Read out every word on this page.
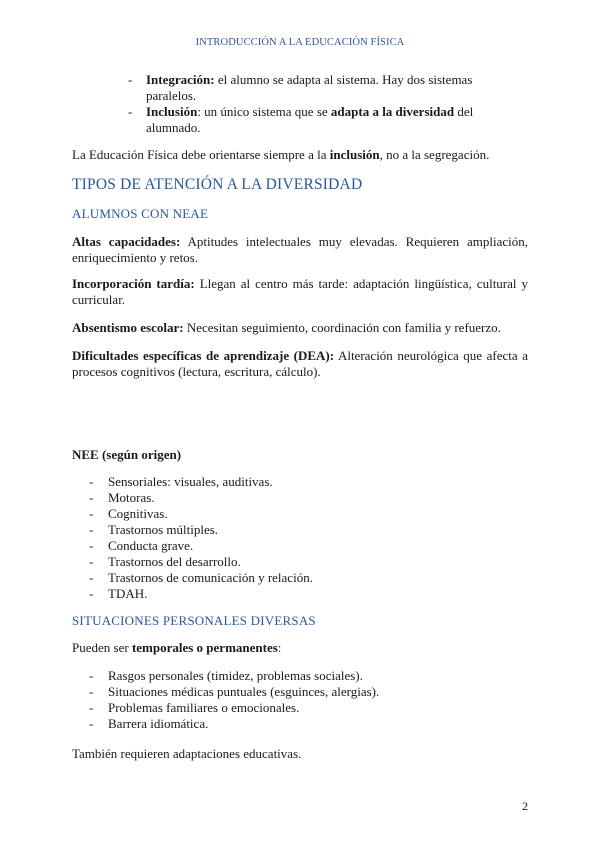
INTRODUCCIÓN A LA EDUCACIÓN FÍSICA
-	Integración: el alumno se adapta al sistema. Hay dos sistemas paralelos.
-	Inclusión: un único sistema que se adapta a la diversidad del alumnado.
La Educación Física debe orientarse siempre a la inclusión, no a la segregación.
TIPOS DE ATENCIÓN A LA DIVERSIDAD
ALUMNOS CON NEAE
Altas capacidades: Aptitudes intelectuales muy elevadas. Requieren ampliación, enriquecimiento y retos.
Incorporación tardía: Llegan al centro más tarde: adaptación lingüística, cultural y curricular.
Absentismo escolar: Necesitan seguimiento, coordinación con familia y refuerzo.
Dificultades específicas de aprendizaje (DEA): Alteración neurológica que afecta a procesos cognitivos (lectura, escritura, cálculo).
NEE (según origen)
- Sensoriales: visuales, auditivas.
- Motoras.
- Cognitivas.
- Trastornos múltiples.
- Conducta grave.
- Trastornos del desarrollo.
- Trastornos de comunicación y relación.
- TDAH.
SITUACIONES PERSONALES DIVERSAS
Pueden ser temporales o permanentes:
- Rasgos personales (timidez, problemas sociales).
- Situaciones médicas puntuales (esguinces, alergias).
- Problemas familiares o emocionales.
- Barrera idiomática.
También requieren adaptaciones educativas.
2
